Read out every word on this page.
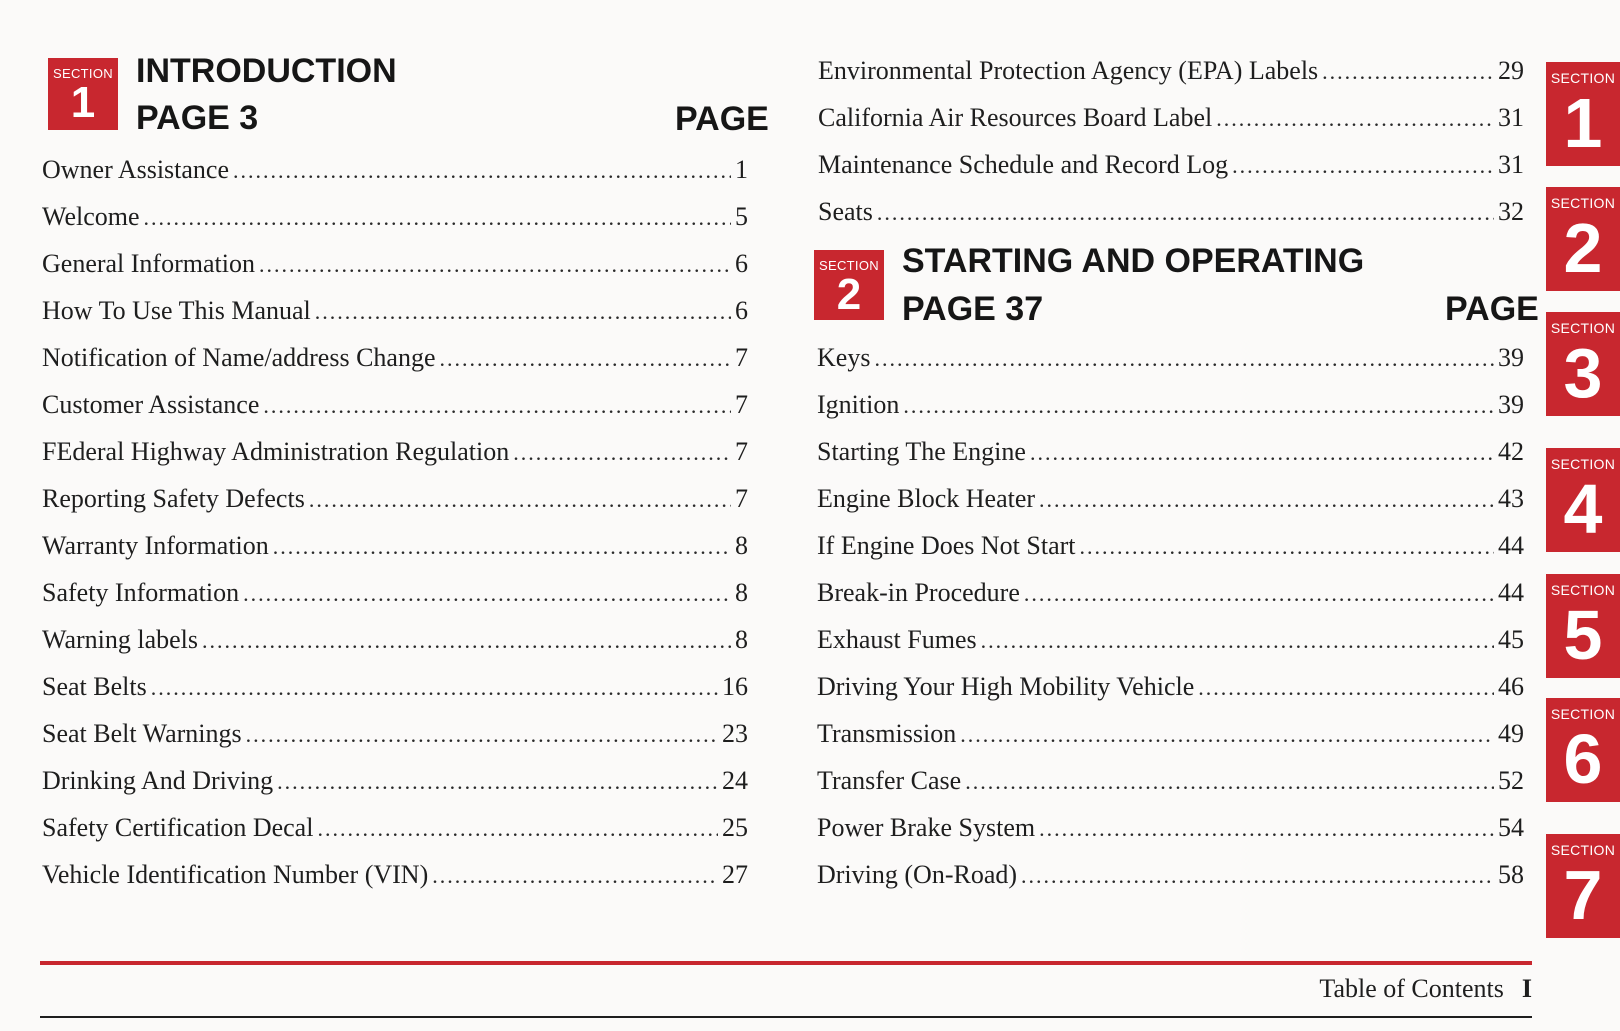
SECTION
1
INTRODUCTION
PAGE 3	PAGE
Owner Assistance .....	1
Welcome .....	5
General Information .....	6
How To Use This Manual .....	6
Notification of Name/address Change .....	7
Customer Assistance .....	7
FEderal Highway Administration Regulation .....	7
Reporting Safety Defects .....	7
Warranty Information .....	8
Safety Information .....	8
Warning labels .....	8
Seat Belts .....	16
Seat Belt Warnings .....	23
Drinking And Driving .....	24
Safety Certification Decal .....	25
Vehicle Identification Number (VIN) .....	27
Environmental Protection Agency (EPA) Labels .....	29
California Air Resources Board Label .....	31
Maintenance Schedule and Record Log .....	31
Seats .....	32
SECTION
2
STARTING AND OPERATING
PAGE 37	PAGE
Keys .....	39
Ignition .....	39
Starting The Engine .....	42
Engine Block Heater .....	43
If Engine Does Not Start .....	44
Break-in Procedure .....	44
Exhaust Fumes .....	45
Driving Your High Mobility Vehicle .....	46
Transmission .....	49
Transfer Case .....	52
Power Brake System .....	54
Driving (On-Road) .....	58
SECTION
1
SECTION
2
SECTION
3
SECTION
4
SECTION
5
SECTION
6
SECTION
7
Table of Contents I
